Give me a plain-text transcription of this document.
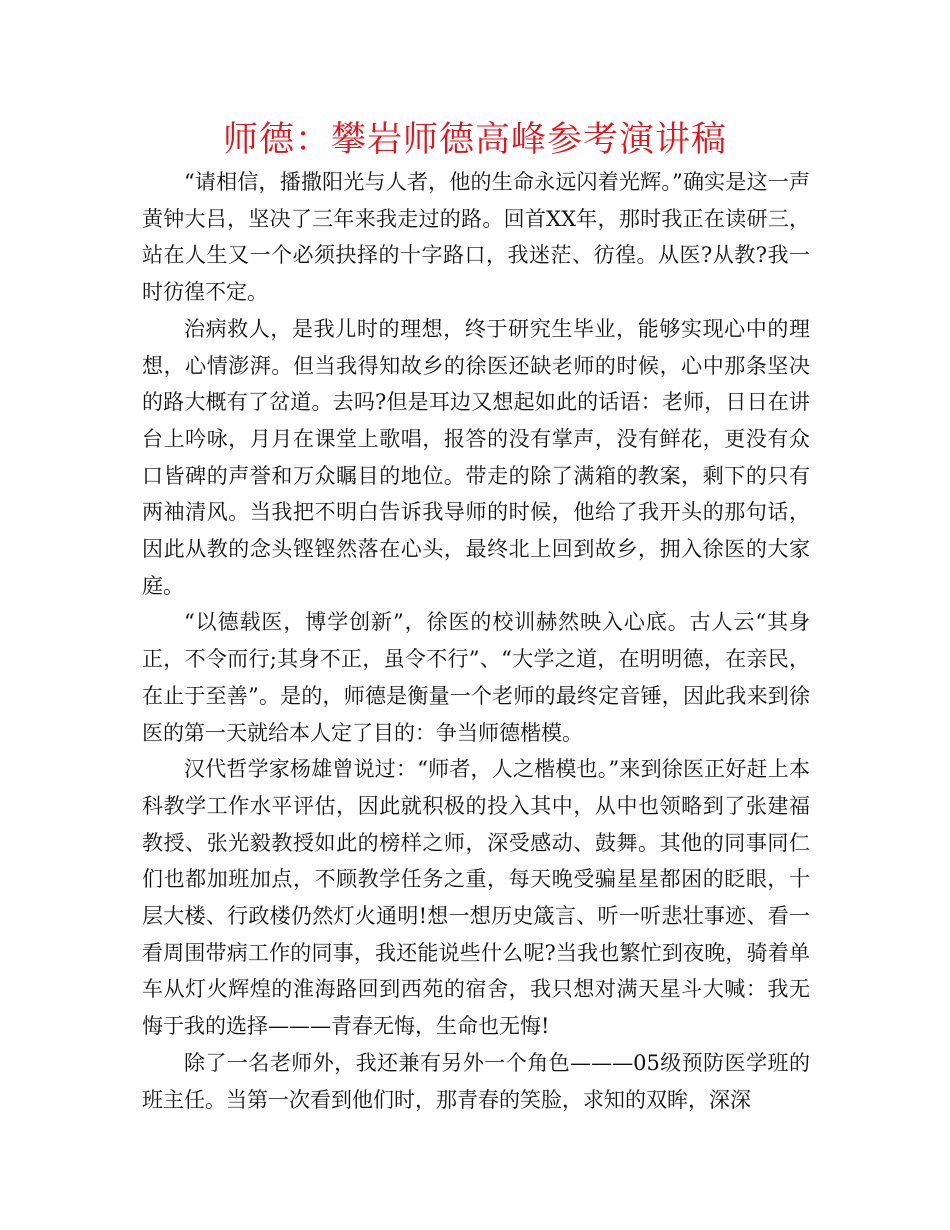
师德：攀岩师德高峰参考演讲稿

“请相信，播撒阳光与人者，他的生命永远闪着光辉。”确实是这一声黄钟大吕，坚决了三年来我走过的路。回首XX年，那时我正在读研三，站在人生又一个必须抉择的十字路口，我迷茫、彷徨。从医?从教?我一时彷徨不定。

治病救人，是我儿时的理想，终于研究生毕业，能够实现心中的理想，心情澎湃。但当我得知故乡的徐医还缺老师的时候，心中那条坚决的路大概有了岔道。去吗?但是耳边又想起如此的话语：老师，日日在讲台上吟咏，月月在课堂上歌唱，报答的没有掌声，没有鲜花，更没有众口皆碑的声誉和万众瞩目的地位。带走的除了满箱的教案，剩下的只有两袖清风。当我把不明白告诉我导师的时候，他给了我开头的那句话，因此从教的念头铿铿然落在心头，最终北上回到故乡，拥入徐医的大家庭。

“以德载医，博学创新”，徐医的校训赫然映入心底。古人云“其身正，不令而行;其身不正，虽令不行”、“大学之道，在明明德，在亲民，在止于至善”。是的，师德是衡量一个老师的最终定音锤，因此我来到徐医的第一天就给本人定了目的：争当师德楷模。

汉代哲学家杨雄曾说过：“师者，人之楷模也。”来到徐医正好赶上本科教学工作水平评估，因此就积极的投入其中，从中也领略到了张建福教授、张光毅教授如此的榜样之师，深受感动、鼓舞。其他的同事同仁们也都加班加点，不顾教学任务之重，每天晚受骗星星都困的眨眼，十层大楼、行政楼仍然灯火通明!想一想历史箴言、听一听悲壮事迹、看一看周围带病工作的同事，我还能说些什么呢?当我也繁忙到夜晚，骑着单车从灯火辉煌的淮海路回到西苑的宿舍，我只想对满天星斗大喊：我无悔于我的选择———青春无悔，生命也无悔!

除了一名老师外，我还兼有另外一个角色———05级预防医学班的班主任。当第一次看到他们时，那青春的笑脸，求知的双眸，深深
